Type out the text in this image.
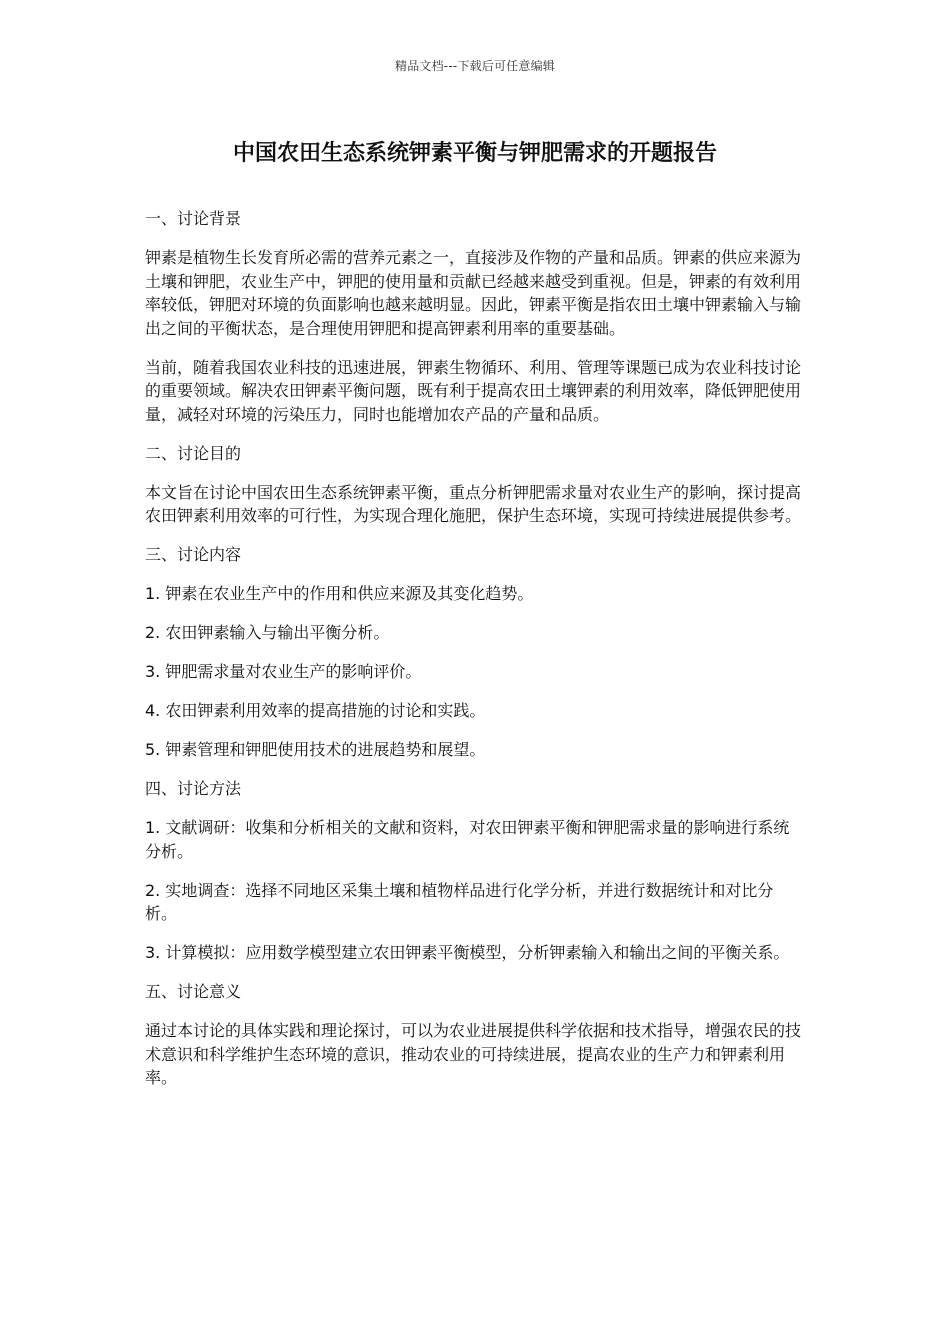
精品文档---下载后可任意编辑
中国农田生态系统钾素平衡与钾肥需求的开题报告

一、讨论背景

钾素是植物生长发育所必需的营养元素之一，直接涉及作物的产量和品质。钾素的供应来源为土壤和钾肥，农业生产中，钾肥的使用量和贡献已经越来越受到重视。但是，钾素的有效利用率较低，钾肥对环境的负面影响也越来越明显。因此，钾素平衡是指农田土壤中钾素输入与输出之间的平衡状态，是合理使用钾肥和提高钾素利用率的重要基础。

当前，随着我国农业科技的迅速进展，钾素生物循环、利用、管理等课题已成为农业科技讨论的重要领域。解决农田钾素平衡问题，既有利于提高农田土壤钾素的利用效率，降低钾肥使用量，减轻对环境的污染压力，同时也能增加农产品的产量和品质。

二、讨论目的

本文旨在讨论中国农田生态系统钾素平衡，重点分析钾肥需求量对农业生产的影响，探讨提高农田钾素利用效率的可行性，为实现合理化施肥，保护生态环境，实现可持续进展提供参考。

三、讨论内容

1. 钾素在农业生产中的作用和供应来源及其变化趋势。

2. 农田钾素输入与输出平衡分析。

3. 钾肥需求量对农业生产的影响评价。

4. 农田钾素利用效率的提高措施的讨论和实践。

5. 钾素管理和钾肥使用技术的进展趋势和展望。

四、讨论方法

1. 文献调研：收集和分析相关的文献和资料，对农田钾素平衡和钾肥需求量的影响进行系统分析。

2. 实地调查：选择不同地区采集土壤和植物样品进行化学分析，并进行数据统计和对比分析。

3. 计算模拟：应用数学模型建立农田钾素平衡模型，分析钾素输入和输出之间的平衡关系。

五、讨论意义

通过本讨论的具体实践和理论探讨，可以为农业进展提供科学依据和技术指导，增强农民的技术意识和科学维护生态环境的意识，推动农业的可持续进展，提高农业的生产力和钾素利用率。
